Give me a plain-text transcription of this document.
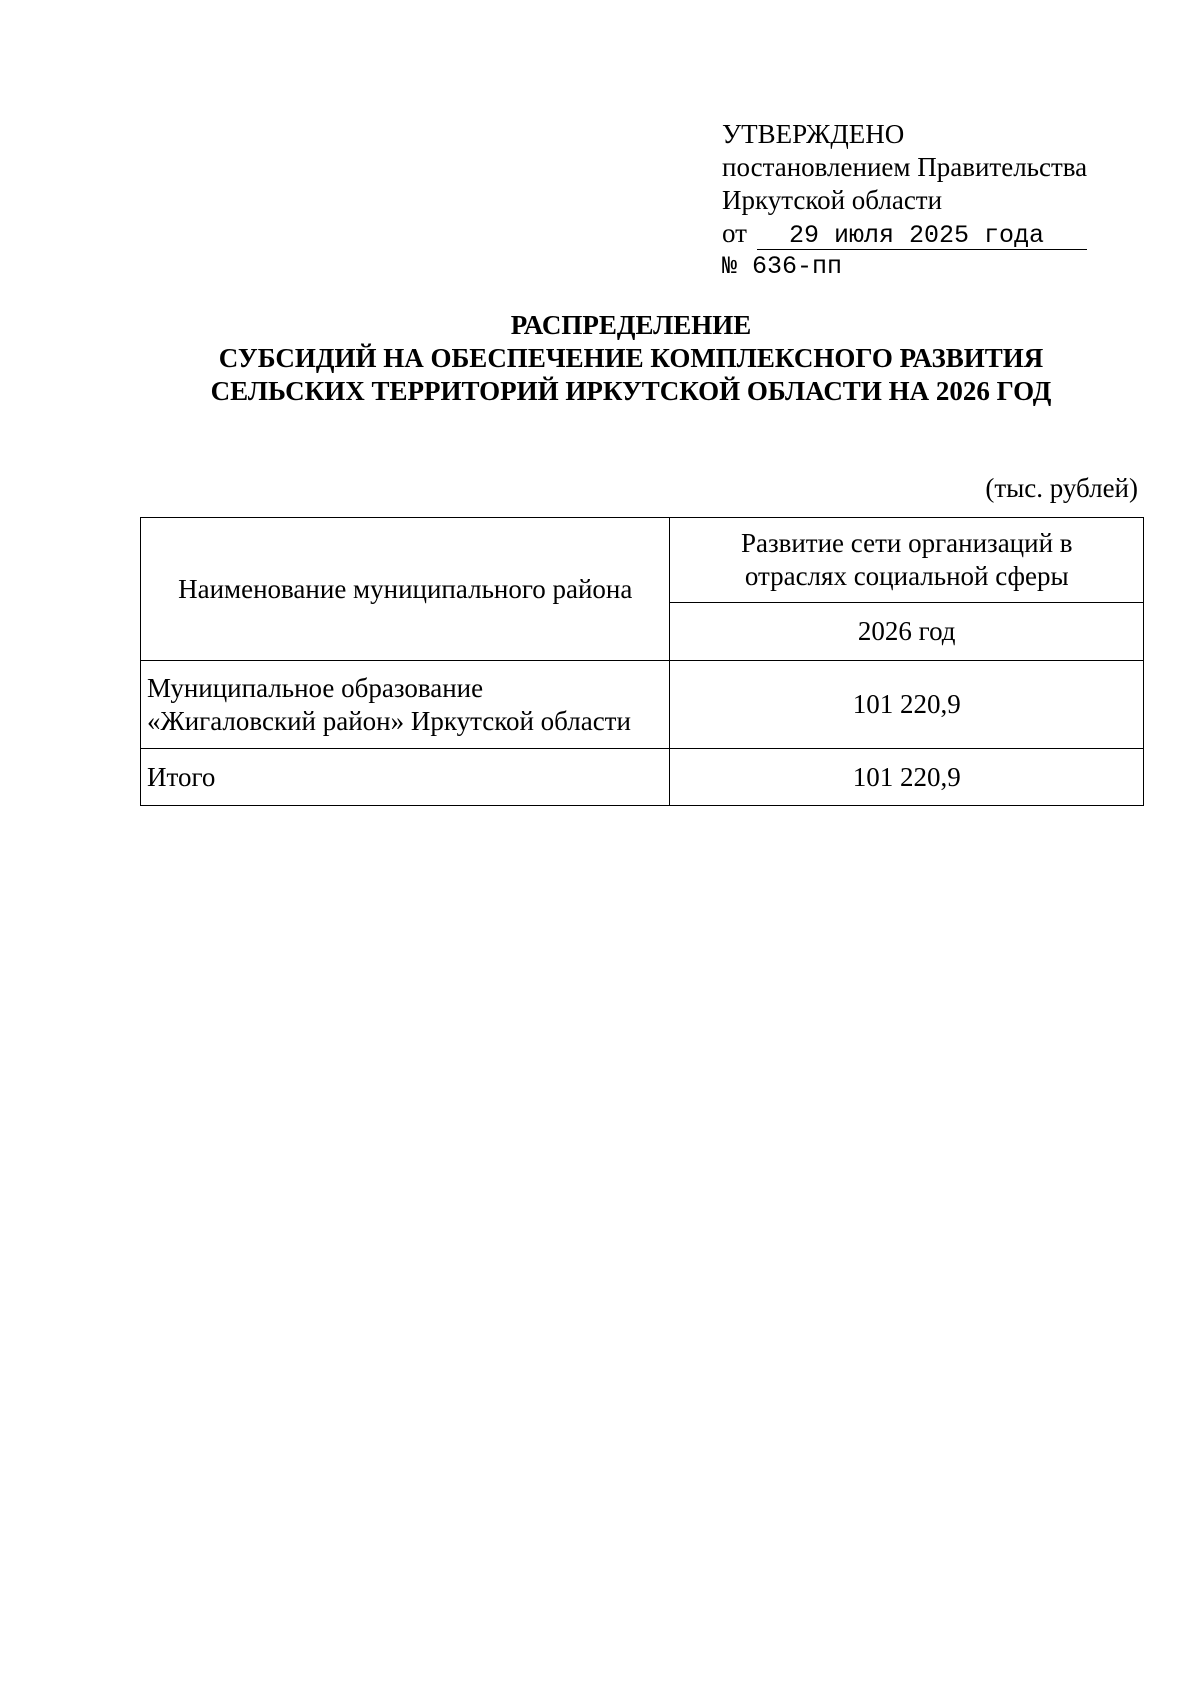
УТВЕРЖДЕНО
постановлением Правительства
Иркутской области
от	29 июля 2025 года
№ 636-пп
РАСПРЕДЕЛЕНИЕ
СУБСИДИЙ НА ОБЕСПЕЧЕНИЕ КОМПЛЕКСНОГО РАЗВИТИЯ
СЕЛЬСКИХ ТЕРРИТОРИЙ ИРКУТСКОЙ ОБЛАСТИ НА 2026 ГОД
(тыс. рублей)
Наименование муниципального района	Развитие сети организаций в
отраслях социальной сферы

	2026 год

Муниципальное образование
«Жигаловский район» Иркутской области	101 220,9
Итого	101 220,9
